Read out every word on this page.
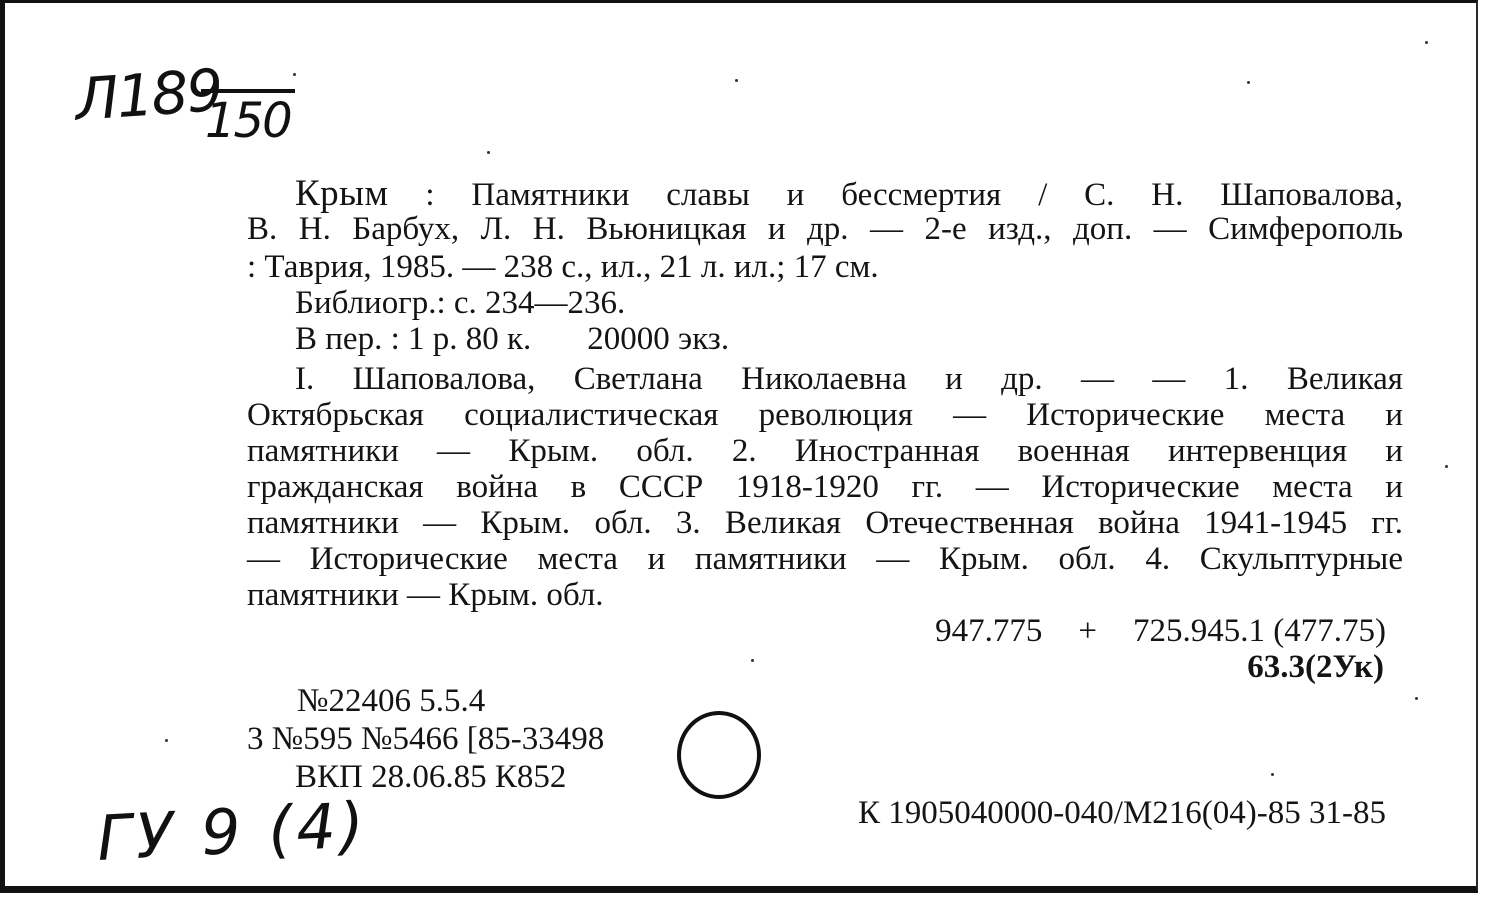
Л189
150
Крым : Памятники славы и бессмертия / С. Н. Шаповалова,
В. Н. Барбух, Л. Н. Вьюницкая и др. — 2-е изд., доп. — Симферополь
: Таврия, 1985. — 238 с., ил., 21 л. ил.; 17 см.
Библиогр.: с. 234—236.
В пер. : 1 р. 80 к. 20000 экз.
I. Шаповалова, Светлана Николаевна и др. — — 1. Великая
Октябрьская социалистическая революция — Исторические места и
памятники — Крым. обл. 2. Иностранная военная интервенция и
гражданская война в СССР 1918-1920 гг. — Исторические места и
памятники — Крым. обл. 3. Великая Отечественная война 1941-1945 гг.
— Исторические места и памятники — Крым. обл. 4. Скульптурные
памятники — Крым. обл.
947.775 + 725.945.1 (477.75)
63.3(2Ук)
№22406 5.5.4
3 №595 №5466 [85-33498
ВКП 28.06.85 К852
К 1905040000-040/М216(04)-85 31-85
ГУ 9 (4)
